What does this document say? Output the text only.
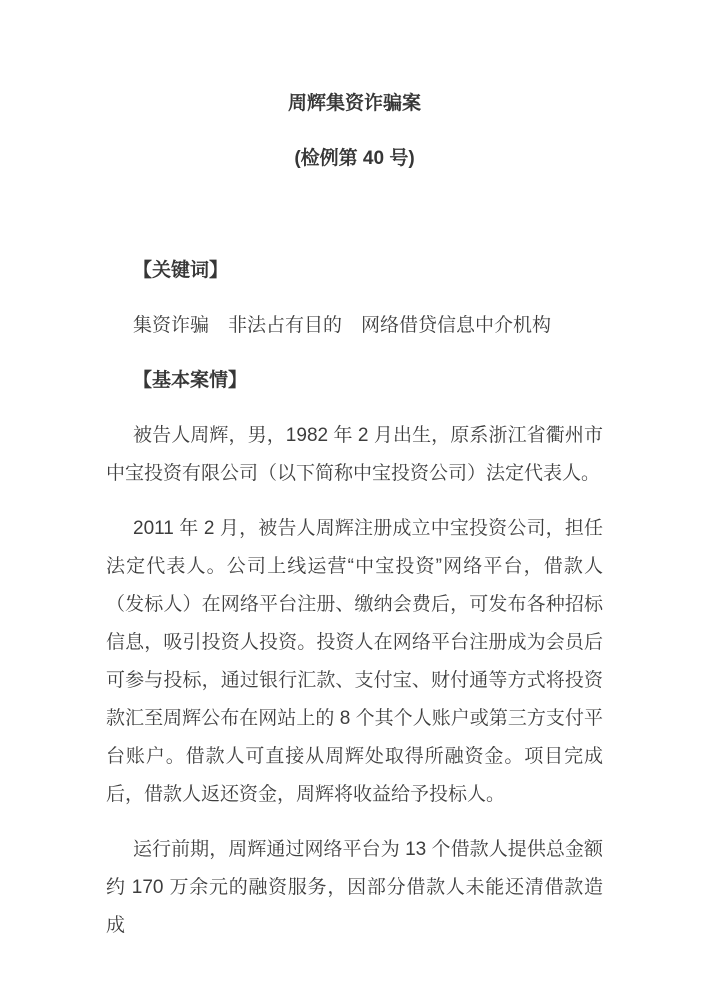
周辉集资诈骗案
(检例第 40 号)
【关键词】

集资诈骗　非法占有目的　网络借贷信息中介机构

【基本案情】

被告人周辉，男，1982 年 2 月出生，原系浙江省衢州市中宝投资有限公司（以下简称中宝投资公司）法定代表人。

2011 年 2 月，被告人周辉注册成立中宝投资公司，担任法定代表人。公司上线运营“中宝投资”网络平台，借款人（发标人）在网络平台注册、缴纳会费后，可发布各种招标信息，吸引投资人投资。投资人在网络平台注册成为会员后可参与投标，通过银行汇款、支付宝、财付通等方式将投资款汇至周辉公布在网站上的 8 个其个人账户或第三方支付平台账户。借款人可直接从周辉处取得所融资金。项目完成后，借款人返还资金，周辉将收益给予投标人。

运行前期，周辉通过网络平台为 13 个借款人提供总金额约 170 万余元的融资服务，因部分借款人未能还清借款造成
